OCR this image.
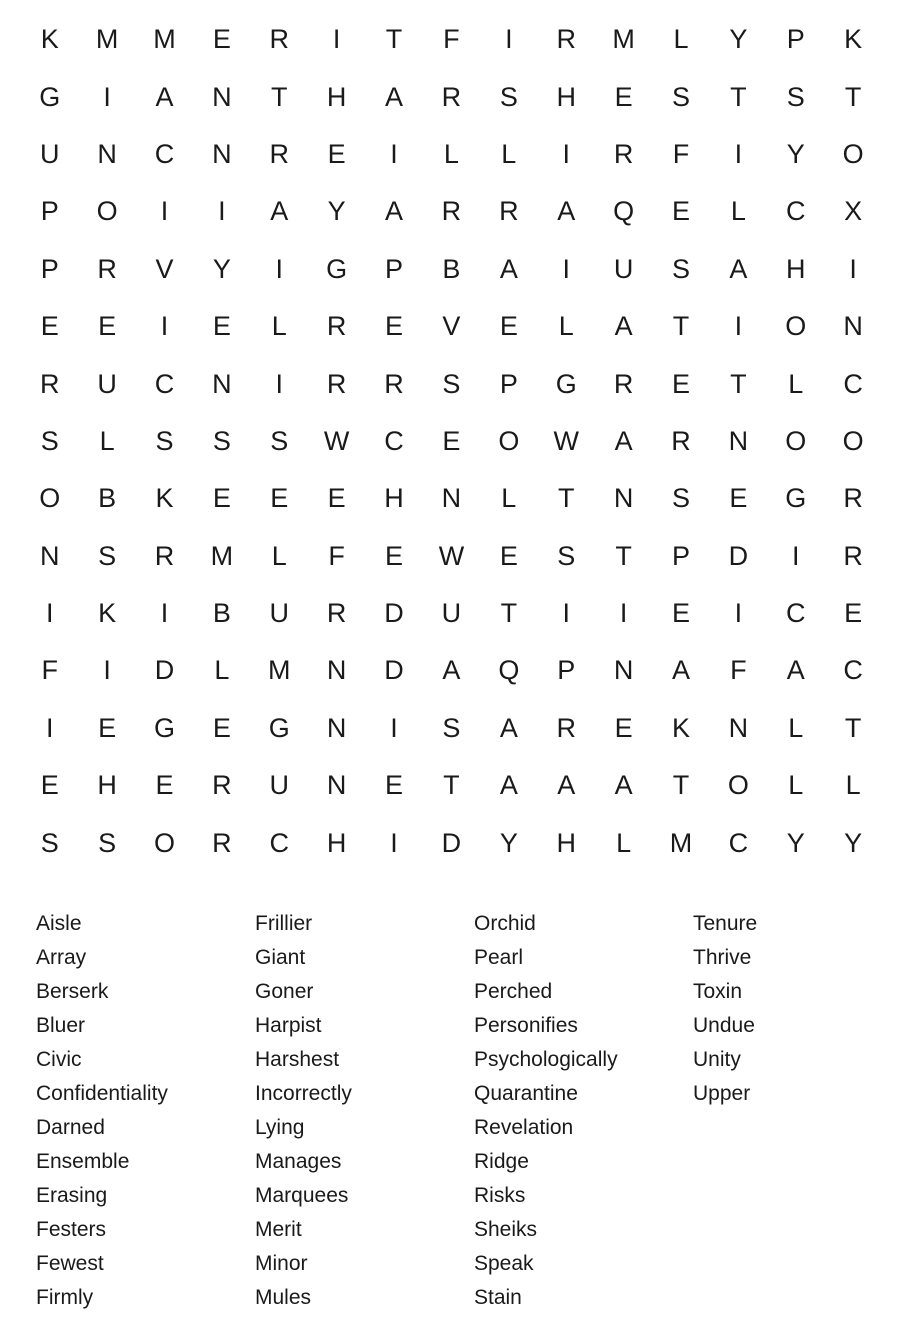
K	M	M	E	R	I	T	F	I	R	M	L	Y	P	K
G	I	A	N	T	H	A	R	S	H	E	S	T	S	T
U	N	C	N	R	E	I	L	L	I	R	F	I	Y	O
P	O	I	I	A	Y	A	R	R	A	Q	E	L	C	X
P	R	V	Y	I	G	P	B	A	I	U	S	A	H	I
E	E	I	E	L	R	E	V	E	L	A	T	I	O	N
R	U	C	N	I	R	R	S	P	G	R	E	T	L	C
S	L	S	S	S	W	C	E	O	W	A	R	N	O	O
O	B	K	E	E	E	H	N	L	T	N	S	E	G	R
N	S	R	M	L	F	E	W	E	S	T	P	D	I	R
I	K	I	B	U	R	D	U	T	I	I	E	I	C	E
F	I	D	L	M	N	D	A	Q	P	N	A	F	A	C
I	E	G	E	G	N	I	S	A	R	E	K	N	L	T
E	H	E	R	U	N	E	T	A	A	A	T	O	L	L
S	S	O	R	C	H	I	D	Y	H	L	M	C	Y	Y
Aisle
Array
Berserk
Bluer
Civic
Confidentiality
Darned
Ensemble
Erasing
Festers
Fewest
Firmly
Frillier
Giant
Goner
Harpist
Harshest
Incorrectly
Lying
Manages
Marquees
Merit
Minor
Mules
Orchid
Pearl
Perched
Personifies
Psychologically
Quarantine
Revelation
Ridge
Risks
Sheiks
Speak
Stain
Tenure
Thrive
Toxin
Undue
Unity
Upper
